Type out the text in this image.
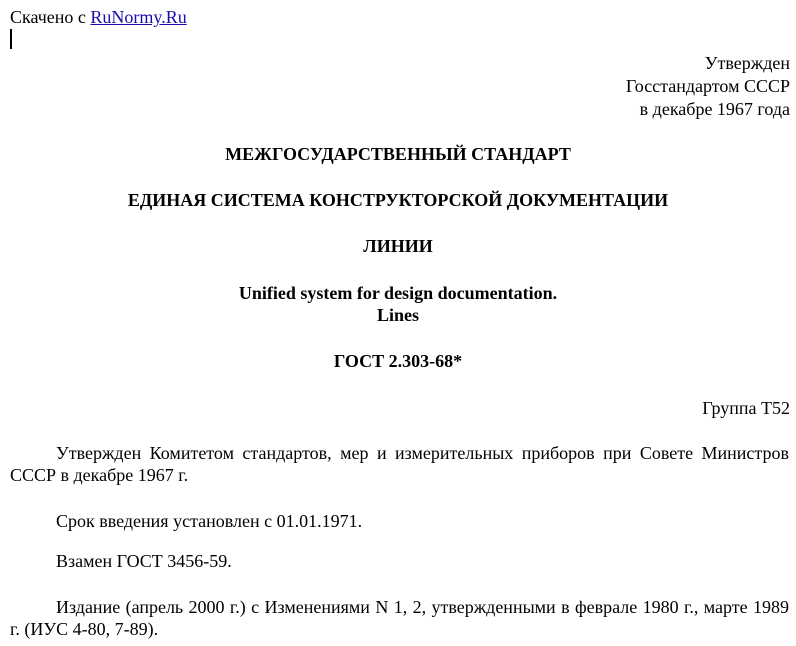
Скачено с RuNormy.Ru
Утвержден
Госстандартом СССР
в декабре 1967 года
МЕЖГОСУДАРСТВЕННЫЙ СТАНДАРТ
ЕДИНАЯ СИСТЕМА КОНСТРУКТОРСКОЙ ДОКУМЕНТАЦИИ
ЛИНИИ
Unified system for design documentation.
Lines
ГОСТ 2.303-68*
Группа Т52
Утвержден Комитетом стандартов, мер и измерительных приборов при Совете Министров СССР в декабре 1967 г.
Срок введения установлен с 01.01.1971.
Взамен ГОСТ 3456-59.
Издание (апрель 2000 г.) с Изменениями N 1, 2, утвержденными в феврале 1980 г., марте 1989 г. (ИУС 4-80, 7-89).
